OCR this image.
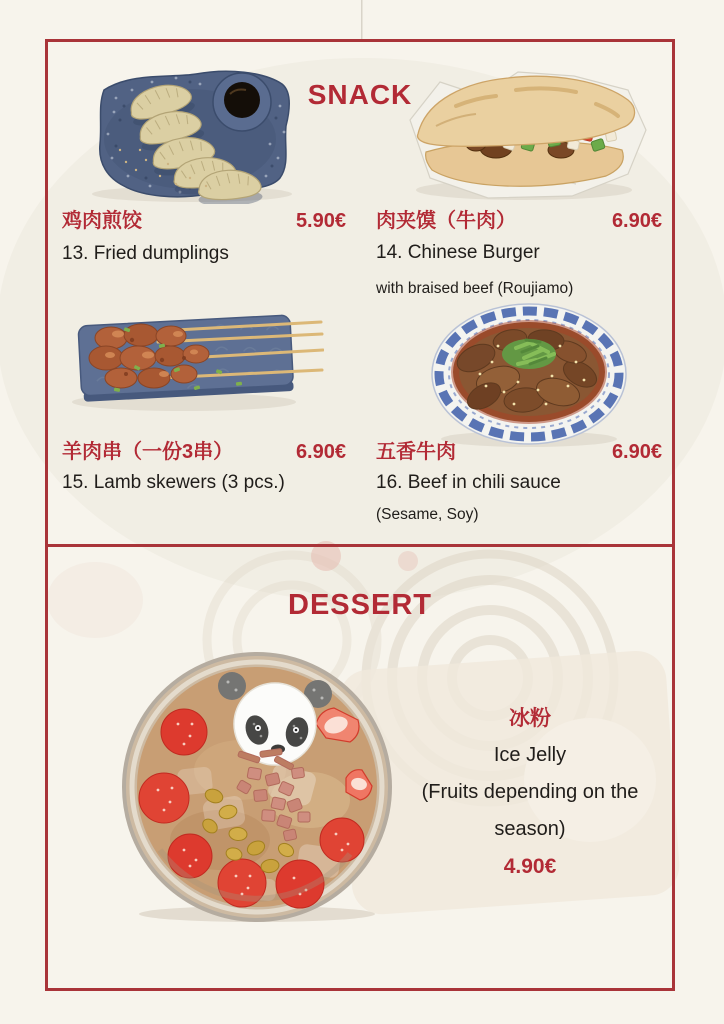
SNACK
鸡肉煎饺	5.90€
13. Fried dumplings
肉夹馍（牛肉）	6.90€
14. Chinese Burger
with braised beef (Roujiamo)
羊肉串（一份3串）	6.90€
15. Lamb skewers (3 pcs.)
五香牛肉	6.90€
16. Beef in chili sauce
(Sesame, Soy)
DESSERT
冰粉
Ice Jelly
(Fruits depending on the
season)
4.90€
